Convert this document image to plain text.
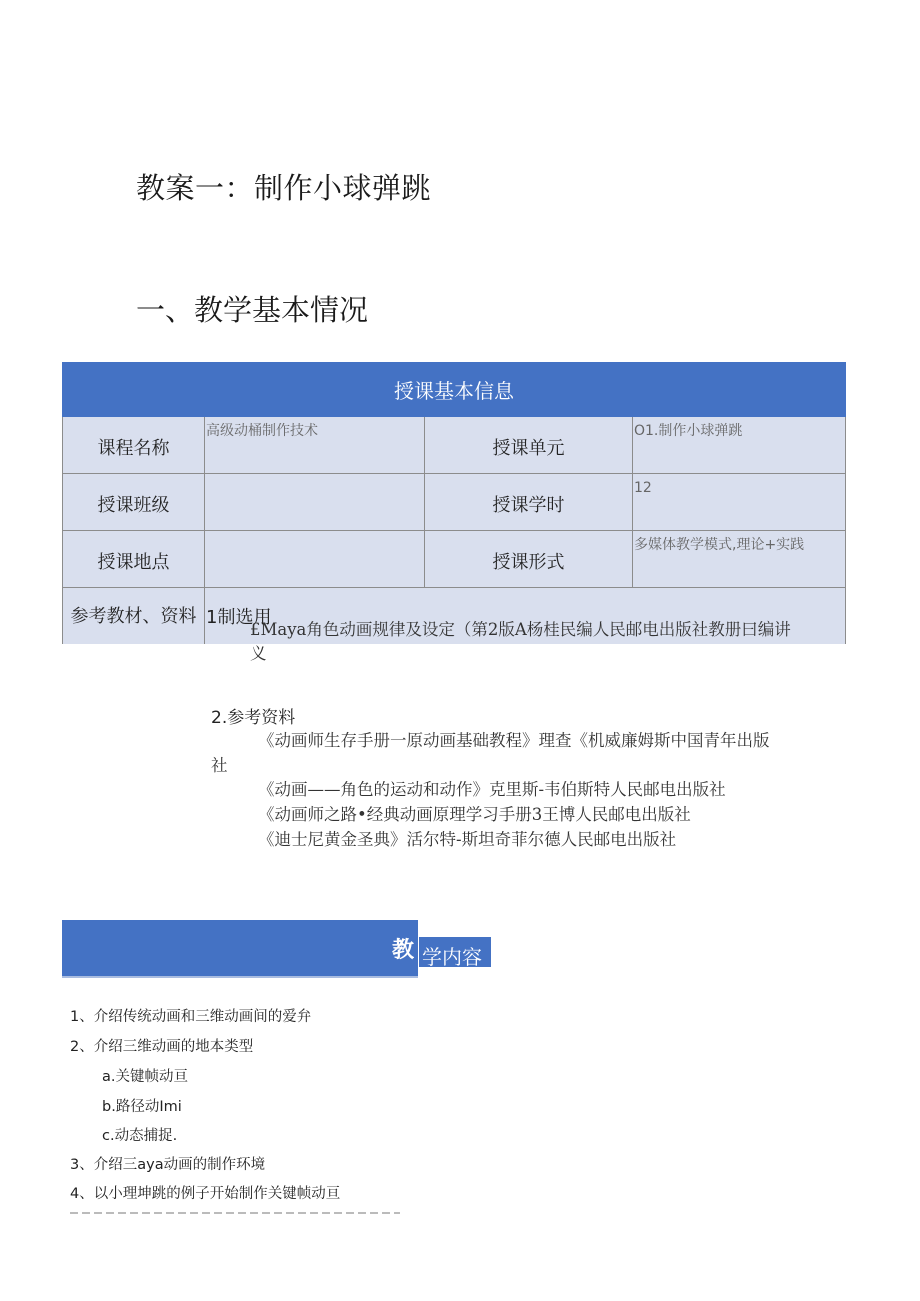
教案一：制作小球弹跳
一、教学基本情况
授课基本信息			
课程名称	高级动桶制作技术	授课单元	O1.制作小球弹跳
授课班级		授课学时	12
授课地点		授课形式	多媒体教学模式,理论+实践
参考教材、资料	1制选用		
£Maya角色动画规律及设定（第2版A杨桂民编人民邮电出版社教册曰编讲
义
2.参考资料
《动画师生存手册一原动画基础教程》理查《机威廉姆斯中国青年出版
社
《动画——角色的运动和动作》克里斯-韦伯斯特人民邮电出版社
《动画师之路•经典动画原理学习手册3王博人民邮电出版社
《迪士尼黄金圣典》活尔特-斯坦奇菲尔德人民邮电出版社
教 学内容
1、介绍传统动画和三维动画间的爱弁
2、介绍三维动画的地本类型
a.关键帧动亘
b.路径动Imi
c.动态捕捉.
3、介绍三aya动画的制作环境
4、以小理坤跳的例子开始制作关键帧动亘
